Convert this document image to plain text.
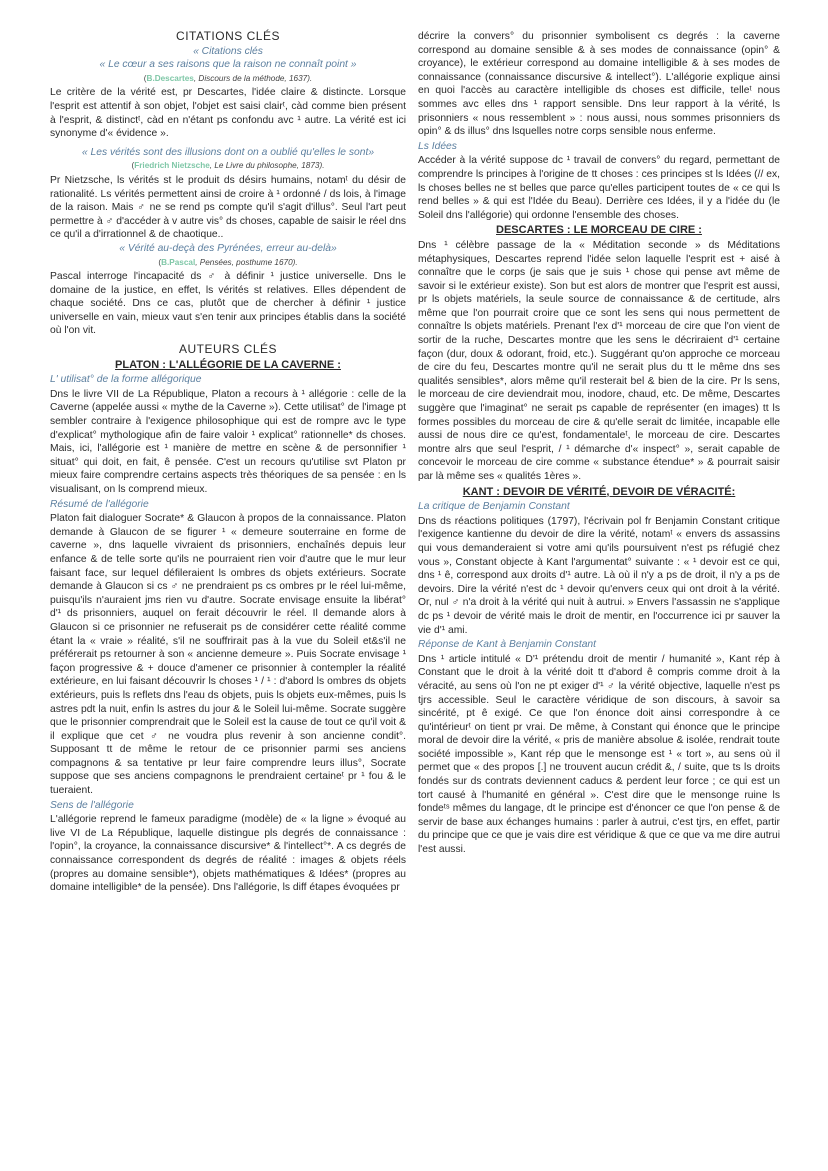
CITATIONS CLÉS
« Citations clés
« Le cœur a ses raisons que la raison ne connaît point »
(B.Descartes, Discours de la méthode, 1637).

Le critère de la vérité est, pr Descartes, l'idée claire & distincte. Lorsque l'esprit est attentif à son objet, l'objet est saisi clairᵗ, càd comme bien présent à l'esprit, & distinctᵗ, càd en n'étant ps confondu avc ¹ autre. La vérité est ici synonyme d'« évidence ».

« Les vérités sont des illusions dont on a oublié qu'elles le sont»
(Friedrich Nietzsche, Le Livre du philosophe, 1873).

Pr Nietzsche, ls vérités st le produit ds désirs humains, notamᵗ du désir de rationalité. Ls vérités permettent ainsi de croire à ¹ ordonné / ds lois, à l'image de la raison. Mais ♂ ne se rend ps compte qu'il s'agit d'illus°. Seul l'art peut permettre à ♂ d'accéder à v autre vis° ds choses, capable de saisir le réel dns ce qu'il a d'irrationnel & de chaotique..

« Vérité au-deçà des Pyrénées, erreur au-delà»
(B.Pascal, Pensées, posthume 1670).

Pascal interroge l'incapacité ds ♂ à définir ¹ justice universelle. Dns le domaine de la justice, en effet, ls vérités st relatives. Elles dépendent de chaque société. Dns ce cas, plutôt que de chercher à définir ¹ justice universelle en vain, mieux vaut s'en tenir aux principes établis dans la société où l'on vit.

AUTEURS CLÉS
PLATON : L'ALLÉGORIE DE LA CAVERNE :
L' utilisat° de la forme allégorique

Dns le livre VII de La République, Platon a recours à ¹ allégorie : celle de la Caverne (appelée aussi « mythe de la Caverne »). Cette utilisat° de l'image pt sembler contraire à l'exigence philosophique qui est de rompre avc le type d'explicat° mythologique afin de faire valoir ¹ explicat° rationnelle* ds choses. Mais, ici, l'allégorie est ¹ manière de mettre en scène & de personnifier ¹ situat° qui doit, en fait, ê pensée. C'est un recours qu'utilise svt Platon pr mieux faire comprendre certains aspects très théoriques de sa pensée : en ls visualisant, on ls comprend mieux.

Résumé de l'allégorie

Platon fait dialoguer Socrate* & Glaucon à propos de la connaissance. Platon demande à Glaucon de se figurer ¹ « demeure souterraine en forme de caverne », dns laquelle vivraient ds prisonniers, enchaînés depuis leur enfance & de telle sorte qu'ils ne pourraient rien voir d'autre que le mur leur faisant face, sur lequel défileraient ls ombres ds objets extérieurs. Socrate demande à Glaucon si cs ♂ ne prendraient ps cs ombres pr le réel lui-même, puisqu'ils n'auraient jms rien vu d'autre. Socrate envisage ensuite la libérat° d'¹ ds prisonniers, auquel on ferait découvrir le réel. Il demande alors à Glaucon si ce prisonnier ne refuserait ps de considérer cette réalité comme étant la « vraie » réalité, s'il ne souffrirait pas à la vue du Soleil et&s'il ne préférerait ps retourner à son « ancienne demeure ». Puis Socrate envisage ¹ façon progressive & + douce d'amener ce prisonnier à contempler la réalité extérieure, en lui faisant découvrir ls choses ¹ / ¹ : d'abord ls ombres ds objets extérieurs, puis ls reflets dns l'eau ds objets, puis ls objets eux-mêmes, puis ls astres pdt la nuit, enfin ls astres du jour & le Soleil lui-même. Socrate suggère que le prisonnier comprendrait que le Soleil est la cause de tout ce qu'il voit & il explique que cet ♂ ne voudra plus revenir à son ancienne condit°. Supposant tt de même le retour de ce prisonnier parmi ses anciens compagnons & sa tentative pr leur faire comprendre leurs illus°, Socrate suppose que ses anciens compagnons le prendraient certaineᵗ pr ¹ fou & le tueraient.

Sens de l'allégorie

L'allégorie reprend le fameux paradigme (modèle) de « la ligne » évoqué au live VI de La République, laquelle distingue pls degrés de connaissance : l'opin°, la croyance, la connaissance discursive* & l'intellect°*. A cs degrés de connaissance correspondent ds degrés de réalité : images & objets réels (propres au domaine sensible*), objets mathématiques & Idées* (propres au domaine intelligible* de la pensée). Dns l'allégorie, ls diff étapes évoquées pr

décrire la convers° du prisonnier symbolisent cs degrés : la caverne correspond au domaine sensible & à ses modes de connaissance (opin° & croyance), le extérieur correspond au domaine intelligible & à ses modes de connaissance (connaissance discursive & intellect°). L'allégorie explique ainsi en quoi l'accès au caractère intelligible ds choses est difficile, telleᵗ nous sommes avc elles dns ¹ rapport sensible. Dns leur rapport à la vérité, ls prisonniers « nous ressemblent » : nous aussi, nous sommes prisonniers ds opin° & ds illus° dns lsquelles notre corps sensible nous enferme.

Ls Idées

Accéder à la vérité suppose dc ¹ travail de convers° du regard, permettant de comprendre ls principes à l'origine de tt choses : ces principes st ls Idées (// ex, ls choses belles ne st belles que parce qu'elles participent toutes de « ce qui ls rend belles » & qui est l'Idée du Beau). Derrière ces Idées, il y a l'idée du (le Soleil dns l'allégorie) qui ordonne l'ensemble des choses.

DESCARTES : LE MORCEAU DE CIRE :

Dns ¹ célèbre passage de la « Méditation seconde » ds Méditations métaphysiques, Descartes reprend l'idée selon laquelle l'esprit est + aisé à connaître que le corps (je sais que je suis ¹ chose qui pense avt même de savoir si le extérieur existe). Son but est alors de montrer que l'esprit est aussi, pr ls objets matériels, la seule source de connaissance & de certitude, alrs même que l'on pourrait croire que ce sont les sens qui nous permettent de connaître ls objets matériels. Prenant l'ex d'¹ morceau de cire que l'on vient de sortir de la ruche, Descartes montre que les sens le décriraient d'¹ certaine façon (dur, doux & odorant, froid, etc.). Suggérant qu'on approche ce morceau de cire du feu, Descartes montre qu'il ne serait plus du tt le même dns ses qualités sensibles*, alors même qu'il resterait bel & bien de la cire. Pr ls sens, le morceau de cire deviendrait mou, inodore, chaud, etc. De même, Descartes suggère que l'imaginat° ne serait ps capable de représenter (en images) tt ls formes possibles du morceau de cire & qu'elle serait dc limitée, incapable elle aussi de nous dire ce qu'est, fondamentaleᵗ, le morceau de cire. Descartes montre alrs que seul l'esprit, / ¹ démarche d'« inspect° », serait capable de concevoir le morceau de cire comme « substance étendue* » & pourrait saisir par là même ses « qualités 1ères ».

KANT : DEVOIR DE VÉRITÉ, DEVOIR DE VÉRACITÉ:
La critique de Benjamin Constant

Dns ds réactions politiques (1797), l'écrivain pol fr Benjamin Constant critique l'exigence kantienne du devoir de dire la vérité, notamᵗ « envers ds assassins qui vous demanderaient si votre ami qu'ils poursuivent n'est ps réfugié chez vous », Constant objecte à Kant l'argumentat° suivante : « ¹ devoir est ce qui, dns ¹ ê, correspond aux droits d'¹ autre. Là où il n'y a ps de droit, il n'y a ps de devoirs. Dire la vérité n'est dc ¹ devoir qu'envers ceux qui ont droit à la vérité. Or, nul ♂ n'a droit à la vérité qui nuit à autrui. » Envers l'assassin ne s'applique dc ps ¹ devoir de vérité mais le droit de mentir, en l'occurrence ici pr sauver la vie d'¹ ami.

Réponse de Kant à Benjamin Constant

Dns ¹ article intitulé « D'¹ prétendu droit de mentir / humanité », Kant rép à Constant que le droit à la vérité doit tt d'abord ê compris comme droit à la véracité, au sens où l'on ne pt exiger d'¹ ♂ la vérité objective, laquelle n'est ps tjrs accessible. Seul le caractère véridique de son discours, à savoir sa sincérité, pt ê exigé. Ce que l'on énonce doit ainsi correspondre à ce qu'intérieurᵗ on tient pr vrai. De même, à Constant qui énonce que le principe moral de devoir dire la vérité, « pris de manière absolue & isolée, rendrait toute société impossible », Kant rép que le mensonge est ¹ « tort », au sens où il permet que « des propos [.] ne trouvent aucun crédit &, / suite, que ts ls droits fondés sur ds contrats deviennent caducs & perdent leur force ; ce qui est un tort causé à l'humanité en général ». C'est dire que le mensonge ruine ls fondeᵗˢ mêmes du langage, dt le principe est d'énoncer ce que l'on pense & de servir de base aux échanges humains : parler à autrui, c'est tjrs, en effet, partir du principe que ce que je vais dire est véridique & que ce que va me dire autrui l'est aussi.
